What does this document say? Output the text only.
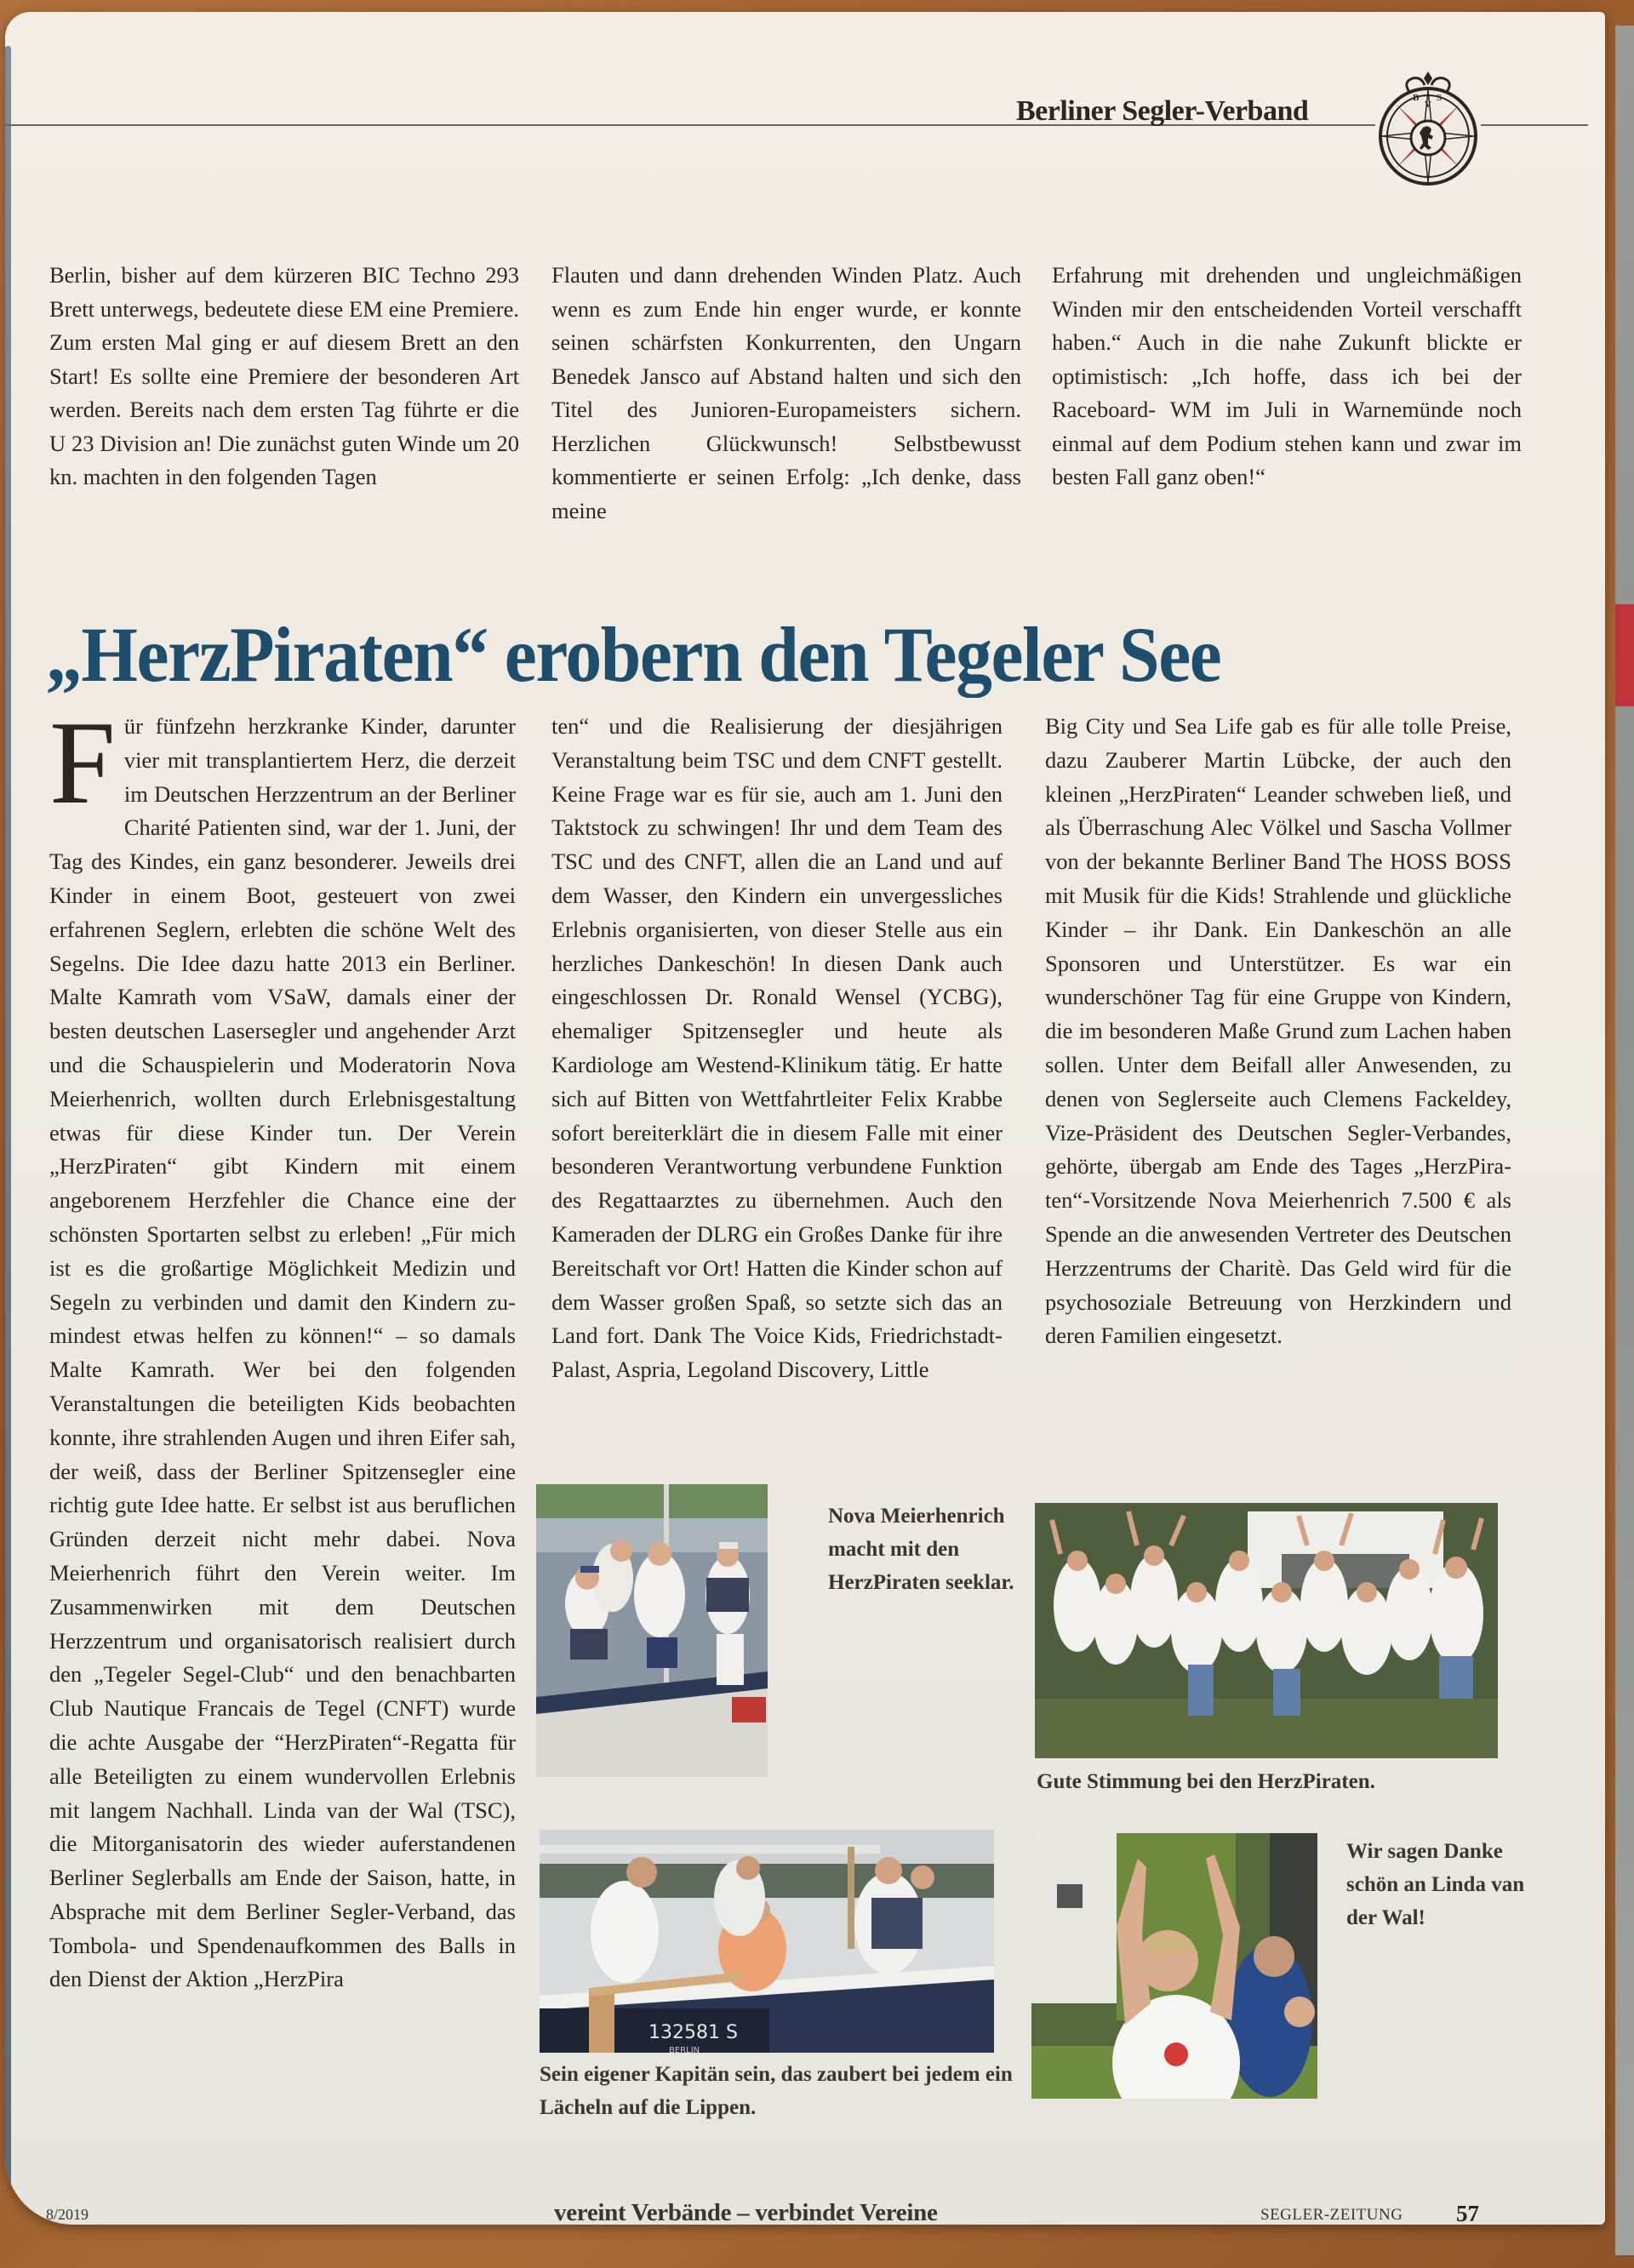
Berliner Segler-Verband	B
V
S

Berlin, bisher auf dem kürzeren BIC Techno 293 Brett unterwegs, bedeutete diese EM eine Premiere. Zum ersten Mal ging er auf diesem Brett an den Start! Es sollte eine Premiere der besonderen Art werden. Bereits nach dem ersten Tag führte er die U 23 Division an! Die zunächst guten Winde um 20 kn. machten in den folgenden Tagen

Flauten und dann drehenden Winden Platz. Auch wenn es zum Ende hin enger wurde, er konnte seinen schärfsten Konkurrenten, den Ungarn Benedek Jansco auf Abstand halten und sich den Titel des Junioren-Europameisters sichern. Herzlichen Glückwunsch! Selbstbewusst kommentierte er seinen Erfolg: „Ich denke, dass meine

Erfahrung mit drehenden und ungleichmäßigen Winden mir den entscheidenden Vorteil verschafft haben.“ Auch in die nahe Zukunft blickte er optimistisch: „Ich hoffe, dass ich bei der Raceboard- WM im Juli in Warnemünde noch einmal auf dem Podium stehen kann und zwar im besten Fall ganz oben!“

„HerzPiraten“ erobern den Tegeler See

Für fünfzehn herzkranke Kinder, darunter vier mit transplantiertem Herz, die derzeit im Deutschen Herzzentrum an der Berliner Charité Patienten sind, war der 1. Juni, der Tag des Kindes, ein ganz besonderer. Jeweils drei Kinder in einem Boot, gesteuert von zwei erfahrenen Seglern, erlebten die schöne Welt des Segelns. Die Idee dazu hatte 2013 ein Berliner. Malte Kamrath vom VSaW, damals einer der besten deutschen Lasersegler und angehender Arzt und die Schauspielerin und Moderatorin Nova Meierhenrich, wollten durch Erlebnisgestaltung etwas für diese Kinder tun. Der Verein „HerzPiraten“ gibt Kindern mit einem angeborenem Herzfehler die Chance eine der schönsten Sportarten selbst zu erleben! „Für mich ist es die großartige Möglichkeit Medizin und Segeln zu verbinden und damit den Kindern zumindest etwas helfen zu können!“ – so damals Malte Kamrath. Wer bei den folgenden Veranstaltungen die beteiligten Kids beobachten konnte, ihre strahlenden Augen und ihren Eifer sah, der weiß, dass der Berliner Spitzensegler eine richtig gute Idee hatte. Er selbst ist aus beruflichen Gründen derzeit nicht mehr dabei. Nova Meierhenrich führt den Verein weiter. Im Zusammenwirken mit dem Deutschen Herzzentrum und organisatorisch realisiert durch den „Tegeler Segel-Club“ und den benachbarten Club Nautique Francais de Tegel (CNFT) wurde die achte Ausgabe der “HerzPiraten“-Regatta für alle Beteiligten zu einem wundervollen Erlebnis mit langem Nachhall. Linda van der Wal (TSC), die Mitorganisatorin des wieder auferstandenen Berliner Seglerballs am Ende der Saison, hatte, in Absprache mit dem Berliner Segler-Verband, das Tombola- und Spendenaufkommen des Balls in den Dienst der Aktion „HerzPira

ten“ und die Realisierung der diesjährigen Veranstaltung beim TSC und dem CNFT gestellt. Keine Frage war es für sie, auch am 1. Juni den Taktstock zu schwingen! Ihr und dem Team des TSC und des CNFT, allen die an Land und auf dem Wasser, den Kindern ein unvergessliches Erlebnis organisierten, von dieser Stelle aus ein herzliches Dankeschön! In diesen Dank auch eingeschlossen Dr. Ronald Wensel (YCBG), ehemaliger Spitzensegler und heute als Kardiologe am Westend-Klinikum tätig. Er hatte sich auf Bitten von Wettfahrtleiter Felix Krabbe sofort bereiterklärt die in diesem Falle mit einer besonderen Verantwortung verbundene Funktion des Regattaarztes zu übernehmen. Auch den Kameraden der DLRG ein Großes Danke für ihre Bereitschaft vor Ort! Hatten die Kinder schon auf dem Wasser großen Spaß, so setzte sich das an Land fort. Dank The Voice Kids, Friedrichstadt-Palast, Aspria, Legoland Discovery, Little

Big City und Sea Life gab es für alle tolle Preise, dazu Zauberer Martin Lübcke, der auch den kleinen „HerzPiraten“ Leander schweben ließ, und als Überraschung Alec Völkel und Sascha Vollmer von der bekannte Berliner Band The HOSS BOSS mit Musik für die Kids! Strahlende und glückliche Kinder – ihr Dank. Ein Dankeschön an alle Sponsoren und Unterstützer. Es war ein wunderschöner Tag für eine Gruppe von Kindern, die im besonderen Maße Grund zum Lachen haben sollen. Unter dem Beifall aller Anwesenden, zu denen von Seglerseite auch Clemens Fackeldey, Vize-Präsident des Deutschen Segler-Verbandes, gehörte, übergab am Ende des Tages „HerzPiraten“-Vorsitzende Nova Meierhenrich 7.500 € als Spende an die anwesenden Vertreter des Deutschen Herzzentrums der Charitè. Das Geld wird für die psychosoziale Betreuung von Herzkindern und deren Familien eingesetzt.

Nova Meierhenrich macht mit den HerzPiraten seeklar.
Gute Stimmung bei den HerzPiraten.
132581 S
BERLIN
Sein eigener Kapitän sein, das zaubert bei jedem ein Lächeln auf die Lippen.
Wir sagen Danke schön an Linda van der Wal!
8/2019	vereint Verbände – verbindet Vereine	SEGLER-ZEITUNG 57
